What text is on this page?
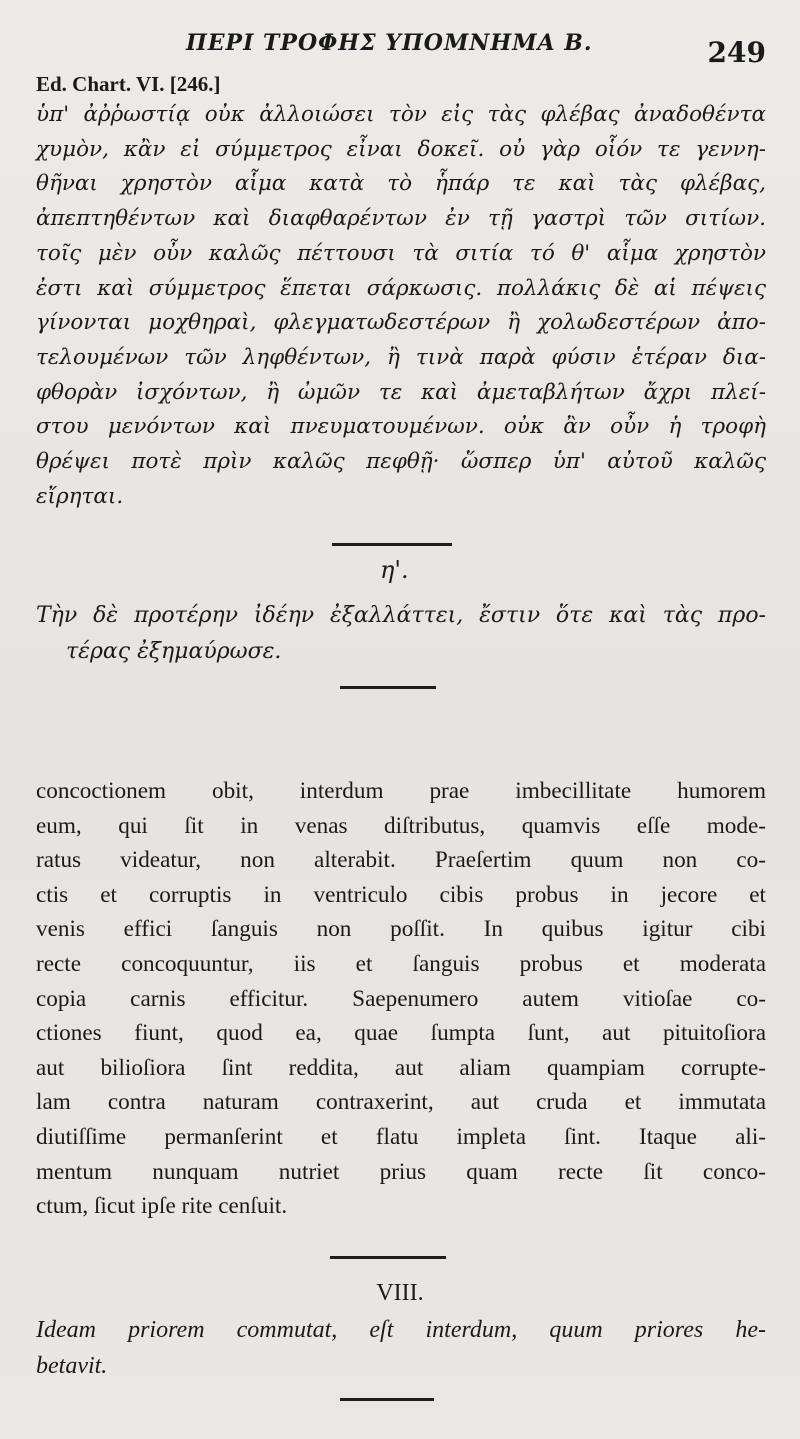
ΠΕΡΙ ΤΡΟΦΗΣ ΥΠΟΜΝΗΜΑ Β.	249
Ed. Chart. VI. [246.]
ὑπ' ἀῤῥωστίᾳ οὐκ ἀλλοιώσει τὸν εἰς τὰς φλέβας ἀναδοθέντα
χυμὸν, κἂν εἰ σύμμετρος εἶναι δοκεῖ. οὐ γὰρ οἷόν τε γεννη-
θῆναι χρηστὸν αἷμα κατὰ τὸ ἧπάρ τε καὶ τὰς φλέβας,
ἀπεπτηθέντων καὶ διαφθαρέντων ἐν τῇ γαστρὶ τῶν σιτίων.
τοῖς μὲν οὖν καλῶς πέττουσι τὰ σιτία τό θ' αἷμα χρηστὸν
ἐστι καὶ σύμμετρος ἕπεται σάρκωσις. πολλάκις δὲ αἱ πέψεις
γίνονται μοχθηραὶ, φλεγματωδεστέρων ἢ χολωδεστέρων ἀπο-
τελουμένων τῶν ληφθέντων, ἢ τινὰ παρὰ φύσιν ἑτέραν δια-
φθορὰν ἰσχόντων, ἢ ὠμῶν τε καὶ ἀμεταβλήτων ἄχρι πλεί-
στου μενόντων καὶ πνευματουμένων. οὐκ ἂν οὖν ἡ τροφὴ
θρέψει ποτὲ πρὶν καλῶς πεφθῇ· ὥσπερ ὑπ' αὐτοῦ καλῶς
εἴρηται.
η'.
Τὴν δὲ προτέρην ἰδέην ἐξαλλάττει, ἔστιν ὅτε καὶ τὰς προ-
τέρας ἐξημαύρωσε.
concoctionem obit, interdum prae imbecillitate humorem
eum, qui ſit in venas diſtributus, quamvis eſſe mode-
ratus videatur, non alterabit. Praeſertim quum non co-
ctis et corruptis in ventriculo cibis probus in jecore et
venis effici ſanguis non poſſit. In quibus igitur cibi
recte concoquuntur, iis et ſanguis probus et moderata
copia carnis efficitur. Saepenumero autem vitioſae co-
ctiones fiunt, quod ea, quae ſumpta ſunt, aut pituitoſiora
aut bilioſiora ſint reddita, aut aliam quampiam corrupte-
lam contra naturam contraxerint, aut cruda et immutata
diutiſſime permanſerint et flatu impleta ſint. Itaque ali-
mentum nunquam nutriet prius quam recte ſit conco-
ctum, ſicut ipſe rite cenſuit.
VIII.
Ideam priorem commutat, eſt interdum, quum priores he-
betavit.
